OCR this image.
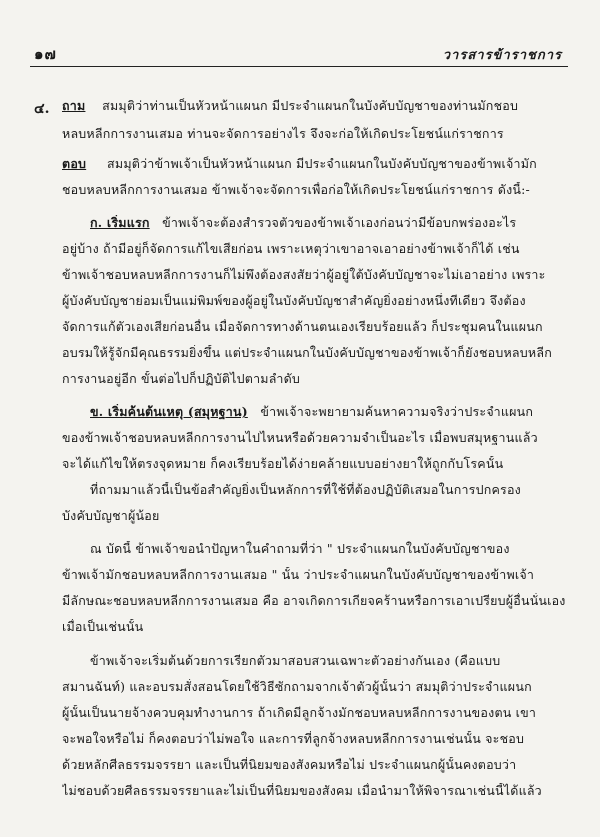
๑๗	วารสารข้าราชการ
๔. ถาม สมมุติว่าท่านเป็นหัวหน้าแผนก มีประจำแผนกในบังคับบัญชาของท่านมักชอบ
หลบหลีกการงานเสมอ ท่านจะจัดการอย่างไร จึงจะก่อให้เกิดประโยชน์แก่ราชการ
ตอบ สมมุติว่าข้าพเจ้าเป็นหัวหน้าแผนก มีประจำแผนกในบังคับบัญชาของข้าพเจ้ามัก
ชอบหลบหลีกการงานเสมอ ข้าพเจ้าจะจัดการเพื่อก่อให้เกิดประโยชน์แก่ราชการ ดังนี้:-
ก. เริ่มแรก ข้าพเจ้าจะต้องสำรวจตัวของข้าพเจ้าเองก่อนว่ามีข้อบกพร่องอะไร
อยู่บ้าง ถ้ามีอยู่ก็จัดการแก้ไขเสียก่อน เพราะเหตุว่าเขาอาจเอาอย่างข้าพเจ้าก็ได้ เช่น
ข้าพเจ้าชอบหลบหลีกการงานก็ไม่พึงต้องสงสัยว่าผู้อยู่ใต้บังคับบัญชาจะไม่เอาอย่าง เพราะ
ผู้บังคับบัญชาย่อมเป็นแม่พิมพ์ของผู้อยู่ในบังคับบัญชาสำคัญยิ่งอย่างหนึ่งทีเดียว จึงต้อง
จัดการแก้ตัวเองเสียก่อนอื่น เมื่อจัดการทางด้านตนเองเรียบร้อยแล้ว ก็ประชุมคนในแผนก
อบรมให้รู้จักมีคุณธรรมยิ่งขึ้น แต่ประจำแผนกในบังคับบัญชาของข้าพเจ้าก็ยังชอบหลบหลีก
การงานอยู่อีก ขั้นต่อไปก็ปฏิบัติไปตามลำดับ
ข. เริ่มค้นต้นเหตุ (สมุหฐาน) ข้าพเจ้าจะพยายามค้นหาความจริงว่าประจำแผนก
ของข้าพเจ้าชอบหลบหลีกการงานไปไหนหรือด้วยความจำเป็นอะไร เมื่อพบสมุหฐานแล้ว
จะได้แก้ไขให้ตรงจุดหมาย ก็คงเรียบร้อยได้ง่ายคล้ายแบบอย่างยาให้ถูกกับโรคนั้น
ที่ถามมาแล้วนี้เป็นข้อสำคัญยิ่งเป็นหลักการที่ใช้ที่ต้องปฏิบัติเสมอในการปกครอง
บังคับบัญชาผู้น้อย
ณ บัดนี้ ข้าพเจ้าขอนำปัญหาในคำถามที่ว่า " ประจำแผนกในบังคับบัญชาของ
ข้าพเจ้ามักชอบหลบหลีกการงานเสมอ " นั้น ว่าประจำแผนกในบังคับบัญชาของข้าพเจ้า
มีลักษณะชอบหลบหลีกการงานเสมอ คือ อาจเกิดการเกียจคร้านหรือการเอาเปรียบผู้อื่นนั่นเอง
เมื่อเป็นเช่นนั้น
ข้าพเจ้าจะเริ่มต้นด้วยการเรียกตัวมาสอบสวนเฉพาะตัวอย่างกันเอง (คือแบบ
สมานฉันท์) และอบรมสั่งสอนโดยใช้วิธีซักถามจากเจ้าตัวผู้นั้นว่า สมมุติว่าประจำแผนก
ผู้นั้นเป็นนายจ้างควบคุมทำงานการ ถ้าเกิดมีลูกจ้างมักชอบหลบหลีกการงานของตน เขา
จะพอใจหรือไม่ ก็คงตอบว่าไม่พอใจ และการที่ลูกจ้างหลบหลีกการงานเช่นนั้น จะชอบ
ด้วยหลักศีลธรรมจรรยา และเป็นที่นิยมของสังคมหรือไม่ ประจำแผนกผู้นั้นคงตอบว่า
ไม่ชอบด้วยศีลธรรมจรรยาและไม่เป็นที่นิยมของสังคม เมื่อนำมาให้พิจารณาเช่นนี้ได้แล้ว
